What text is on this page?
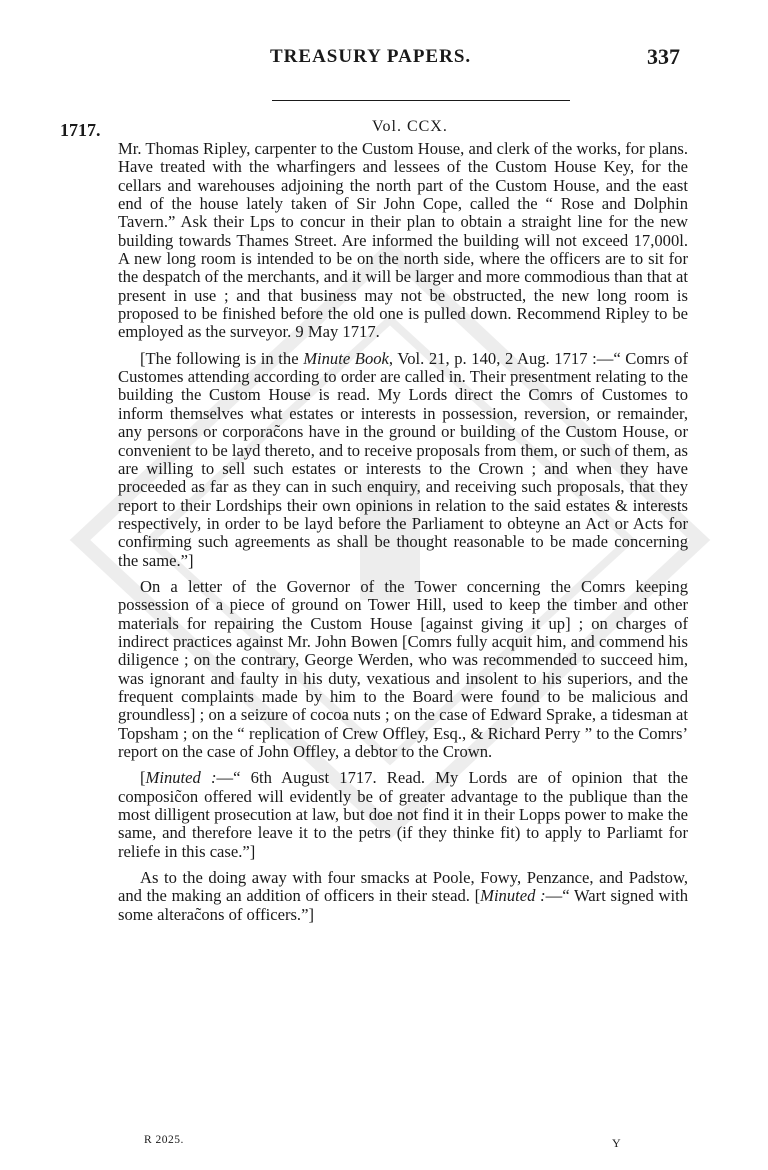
TREASURY PAPERS.	337
1717.	Vol. CCX.

Mr. Thomas Ripley, carpenter to the Custom House, and clerk of the works, for plans. Have treated with the wharfingers and lessees of the Custom House Key, for the cellars and warehouses adjoining the north part of the Custom House, and the east end of the house lately taken of Sir John Cope, called the “ Rose and Dolphin Tavern.” Ask their Lps to concur in their plan to obtain a straight line for the new building towards Thames Street. Are informed the building will not exceed 17,000l. A new long room is intended to be on the north side, where the officers are to sit for the despatch of the merchants, and it will be larger and more commodious than that at present in use ; and that business may not be obstructed, the new long room is proposed to be finished before the old one is pulled down. Recommend Ripley to be employed as the surveyor. 9 May 1717.

[The following is in the Minute Book, Vol. 21, p. 140, 2 Aug. 1717 :—“ Comrs of Customes attending according to order are called in. Their presentment relating to the building the Custom House is read. My Lords direct the Comrs of Customes to inform themselves what estates or interests in possession, reversion, or remainder, any persons or corporac̃ons have in the ground or building of the Custom House, or convenient to be layd thereto, and to receive proposals from them, or such of them, as are willing to sell such estates or interests to the Crown ; and when they have proceeded as far as they can in such enquiry, and receiving such proposals, that they report to their Lordships their own opinions in relation to the said estates & interests respectively, in order to be layd before the Parliament to obteyne an Act or Acts for confirming such agreements as shall be thought reasonable to be made concerning the same.”]

On a letter of the Governor of the Tower concerning the Comrs keeping possession of a piece of ground on Tower Hill, used to keep the timber and other materials for repairing the Custom House [against giving it up] ; on charges of indirect practices against Mr. John Bowen [Comrs fully acquit him, and commend his diligence ; on the contrary, George Werden, who was recommended to succeed him, was ignorant and faulty in his duty, vexatious and insolent to his superiors, and the frequent complaints made by him to the Board were found to be malicious and groundless] ; on a seizure of cocoa nuts ; on the case of Edward Sprake, a tidesman at Topsham ; on the “ replication of Crew Offley, Esq., & Richard Perry ” to the Comrs’ report on the case of John Offley, a debtor to the Crown.

[Minuted :—“ 6th August 1717. Read. My Lords are of opinion that the composic̃on offered will evidently be of greater advantage to the publique than the most dilligent prosecution at law, but doe not find it in their Lopps power to make the same, and therefore leave it to the petrs (if they thinke fit) to apply to Parliamt for reliefe in this case.”]

As to the doing away with four smacks at Poole, Fowy, Penzance, and Padstow, and the making an addition of officers in their stead. [Minuted :—“ Wart signed with some alterac̃ons of officers.”]

R 2025.	Y
